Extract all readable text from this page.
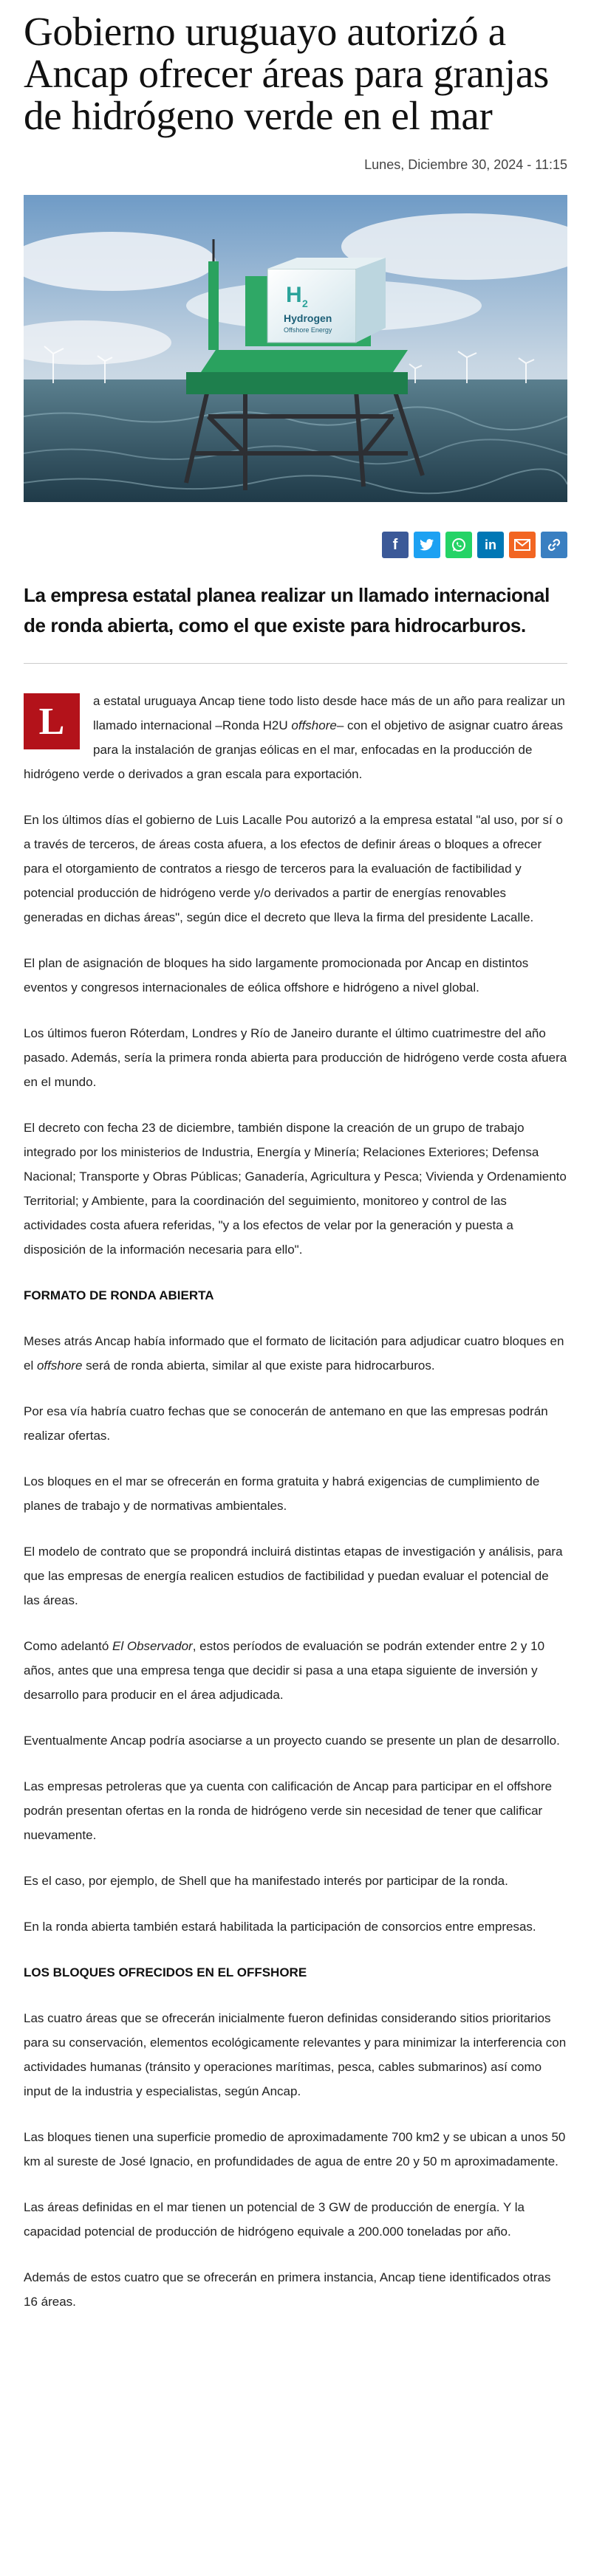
Gobierno uruguayo autorizó a Ancap ofrecer áreas para granjas de hidrógeno verde en el mar
Lunes, Diciembre 30, 2024 - 11:15
H 2
Hydrogen
Offshore Energy
f	in
La empresa estatal planea realizar un llamado internacional de ronda abierta, como el que existe para hidrocarburos.
L	a estatal uruguaya Ancap tiene todo listo desde hace más de un año para realizar un llamado internacional –Ronda H2U offshore– con el objetivo de asignar cuatro áreas para la instalación de granjas eólicas en el mar, enfocadas en la producción de hidrógeno verde o derivados a gran escala para exportación.

En los últimos días el gobierno de Luis Lacalle Pou autorizó a la empresa estatal "al uso, por sí o a través de terceros, de áreas costa afuera, a los efectos de definir áreas o bloques a ofrecer para el otorgamiento de contratos a riesgo de terceros para la evaluación de factibilidad y potencial producción de hidrógeno verde y/o derivados a partir de energías renovables generadas en dichas áreas", según dice el decreto que lleva la firma del presidente Lacalle.

El plan de asignación de bloques ha sido largamente promocionada por Ancap en distintos eventos y congresos internacionales de eólica offshore e hidrógeno a nivel global.

Los últimos fueron Róterdam, Londres y Río de Janeiro durante el último cuatrimestre del año pasado. Además, sería la primera ronda abierta para producción de hidrógeno verde costa afuera en el mundo.

El decreto con fecha 23 de diciembre, también dispone la creación de un grupo de trabajo integrado por los ministerios de Industria, Energía y Minería; Relaciones Exteriores; Defensa Nacional; Transporte y Obras Públicas; Ganadería, Agricultura y Pesca; Vivienda y Ordenamiento Territorial; y Ambiente, para la coordinación del seguimiento, monitoreo y control de las actividades costa afuera referidas, "y a los efectos de velar por la generación y puesta a disposición de la información necesaria para ello".

FORMATO DE RONDA ABIERTA

Meses atrás Ancap había informado que el formato de licitación para adjudicar cuatro bloques en el offshore será de ronda abierta, similar al que existe para hidrocarburos.

Por esa vía habría cuatro fechas que se conocerán de antemano en que las empresas podrán realizar ofertas.

Los bloques en el mar se ofrecerán en forma gratuita y habrá exigencias de cumplimiento de planes de trabajo y de normativas ambientales.

El modelo de contrato que se propondrá incluirá distintas etapas de investigación y análisis, para que las empresas de energía realicen estudios de factibilidad y puedan evaluar el potencial de las áreas.

Como adelantó El Observador, estos períodos de evaluación se podrán extender entre 2 y 10 años, antes que una empresa tenga que decidir si pasa a una etapa siguiente de inversión y desarrollo para producir en el área adjudicada.

Eventualmente Ancap podría asociarse a un proyecto cuando se presente un plan de desarrollo.

Las empresas petroleras que ya cuenta con calificación de Ancap para participar en el offshore podrán presentan ofertas en la ronda de hidrógeno verde sin necesidad de tener que calificar nuevamente.

Es el caso, por ejemplo, de Shell que ha manifestado interés por participar de la ronda.

En la ronda abierta también estará habilitada la participación de consorcios entre empresas.

LOS BLOQUES OFRECIDOS EN EL OFFSHORE

Las cuatro áreas que se ofrecerán inicialmente fueron definidas considerando sitios prioritarios para su conservación, elementos ecológicamente relevantes y para minimizar la interferencia con actividades humanas (tránsito y operaciones marítimas, pesca, cables submarinos) así como input de la industria y especialistas, según Ancap.

Las bloques tienen una superficie promedio de aproximadamente 700 km2 y se ubican a unos 50 km al sureste de José Ignacio, en profundidades de agua de entre 20 y 50 m aproximadamente.

Las áreas definidas en el mar tienen un potencial de 3 GW de producción de energía. Y la capacidad potencial de producción de hidrógeno equivale a 200.000 toneladas por año.

Además de estos cuatro que se ofrecerán en primera instancia, Ancap tiene identificados otras 16 áreas.
